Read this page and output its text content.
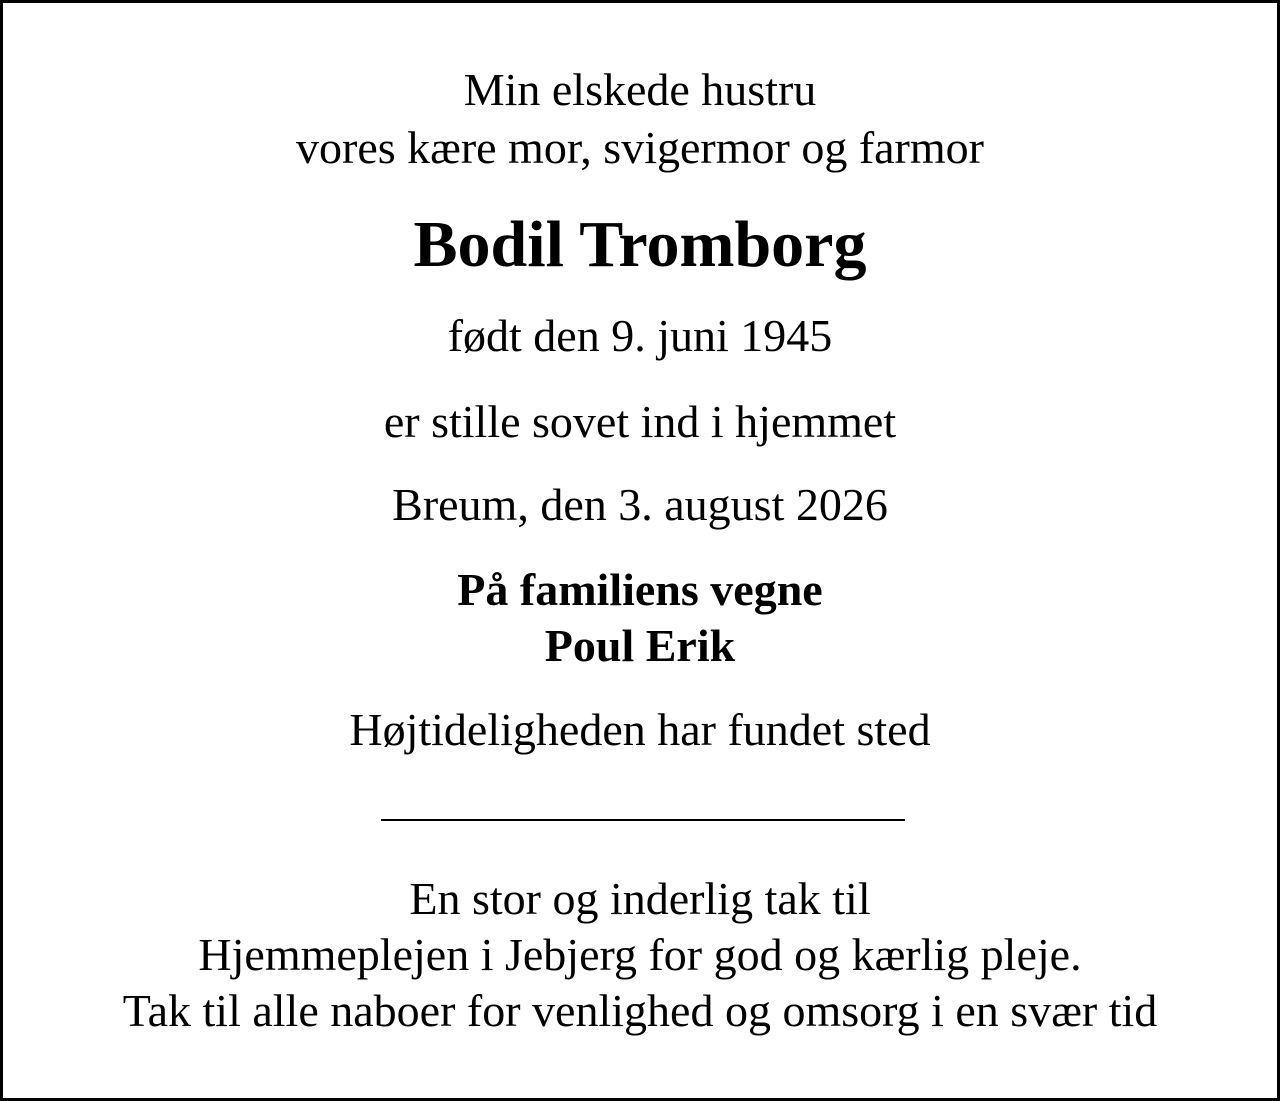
Min elskede hustru
vores kære mor, svigermor og farmor
Bodil Tromborg
født den 9. juni 1945
er stille sovet ind i hjemmet
Breum, den 3. august 2026
På familiens vegne
Poul Erik
Højtideligheden har fundet sted
En stor og inderlig tak til
Hjemmeplejen i Jebjerg for god og kærlig pleje.
Tak til alle naboer for venlighed og omsorg i en svær tid
